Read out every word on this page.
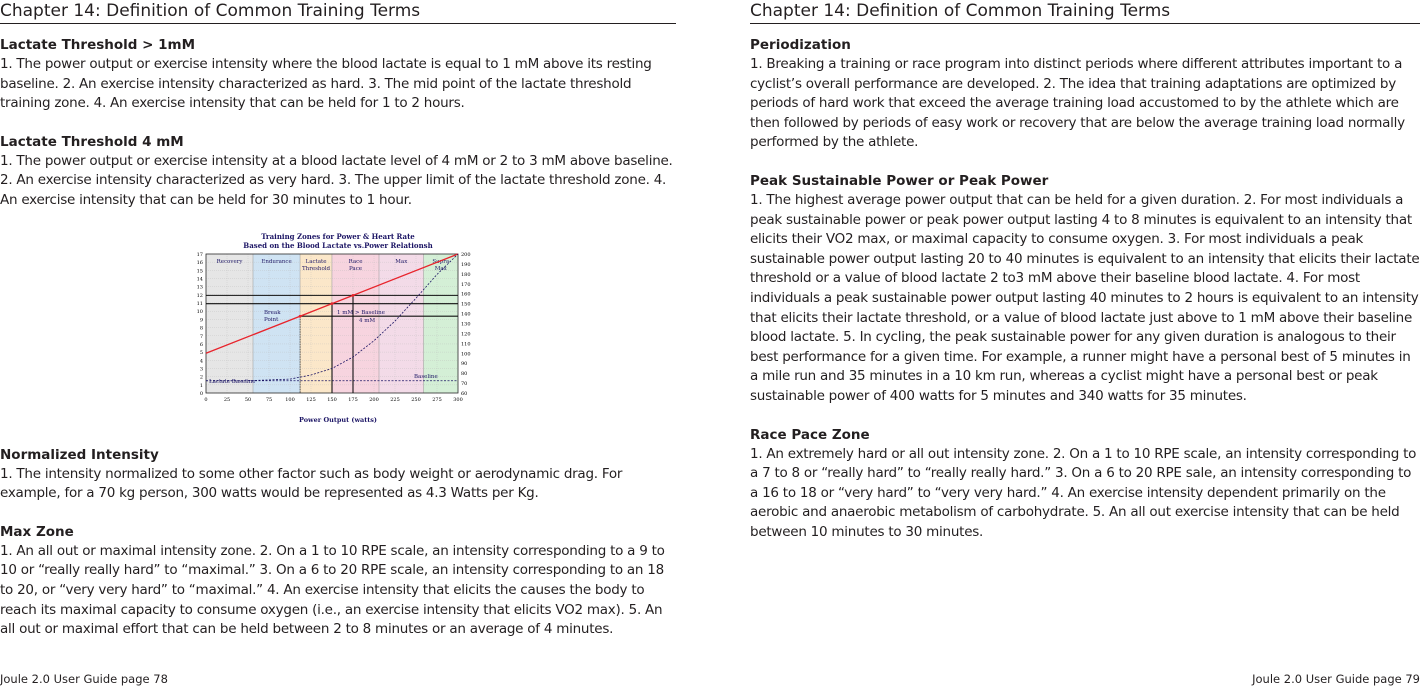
Chapter 14: Definition of Common Training Terms
Lactate Threshold > 1mM
1. The power output or exercise intensity where the blood lactate is equal to 1 mM above its resting baseline. 2. An exercise intensity characterized as hard. 3. The mid point of the lactate threshold training zone. 4. An exercise intensity that can be held for 1 to 2 hours.
Lactate Threshold 4 mM
1. The power output or exercise intensity at a blood lactate level of 4 mM or 2 to 3 mM above baseline. 2. An exercise intensity characterized as very hard. 3. The upper limit of the lactate threshold zone. 4. An exercise intensity that can be held for 30 minutes to 1 hour.
Training Zones for Power & Heart Rate
Based on the Blood Lactate vs.Power Relationsh
Recovery	Endurance	Lactate
Threshold
Race
Pace
Max	Supra
Max
0	25	50	75	100 125 150 175 200 225 250 275 300
0
1
2
3
4
5
6
7
8
9
10
11
12
13
14
15
16
17
60
70
80
90
100
110
120
130
140
150
160
170
180
190
200
Break Point
1 mM > Baseline
4 mM
Lactate Baseline
Baseline
Power Output (watts)
Normalized Intensity
1. The intensity normalized to some other factor such as body weight or aerodynamic drag. For example, for a 70 kg person, 300 watts would be represented as 4.3 Watts per Kg.
Max Zone
1. An all out or maximal intensity zone. 2. On a 1 to 10 RPE scale, an intensity corresponding to a 9 to 10 or “really really hard” to “maximal.” 3. On a 6 to 20 RPE scale, an intensity corresponding to an 18 to 20, or “very very hard” to “maximal.” 4. An exercise intensity that elicits the causes the body to reach its maximal capacity to consume oxygen (i.e., an exercise intensity that elicits VO2 max). 5. An all out or maximal effort that can be held between 2 to 8 minutes or an average of 4 minutes.
Joule 2.0 User Guide page 78
Chapter 14: Definition of Common Training Terms
Periodization
1. Breaking a training or race program into distinct periods where different attributes important to a cyclist’s overall performance are developed. 2. The idea that training adaptations are optimized by periods of hard work that exceed the average training load accustomed to by the athlete which are then followed by periods of easy work or recovery that are below the average training load normally performed by the athlete.
Peak Sustainable Power or Peak Power
1. The highest average power output that can be held for a given duration. 2. For most individuals a peak sustainable power or peak power output lasting 4 to 8 minutes is equivalent to an intensity that elicits their VO2 max, or maximal capacity to consume oxygen. 3. For most individuals a peak sustainable power output lasting 20 to 40 minutes is equivalent to an intensity that elicits their lactate threshold or a value of blood lactate 2 to3 mM above their baseline blood lactate. 4. For most individuals a peak sustainable power output lasting 40 minutes to 2 hours is equivalent to an intensity that elicits their lactate threshold, or a value of blood lactate just above to 1 mM above their baseline blood lactate. 5. In cycling, the peak sustainable power for any given duration is analogous to their best performance for a given time. For example, a runner might have a personal best of 5 minutes in a mile run and 35 minutes in a 10 km run, whereas a cyclist might have a personal best or peak sustainable power of 400 watts for 5 minutes and 340 watts for 35 minutes.
Race Pace Zone
1. An extremely hard or all out intensity zone. 2. On a 1 to 10 RPE scale, an intensity corresponding to a 7 to 8 or “really hard” to “really really hard.” 3. On a 6 to 20 RPE sale, an intensity corresponding to a 16 to 18 or “very hard” to “very very hard.” 4. An exercise intensity dependent primarily on the aerobic and anaerobic metabolism of carbohydrate. 5. An all out exercise intensity that can be held between 10 minutes to 30 minutes.
Joule 2.0 User Guide page 79
